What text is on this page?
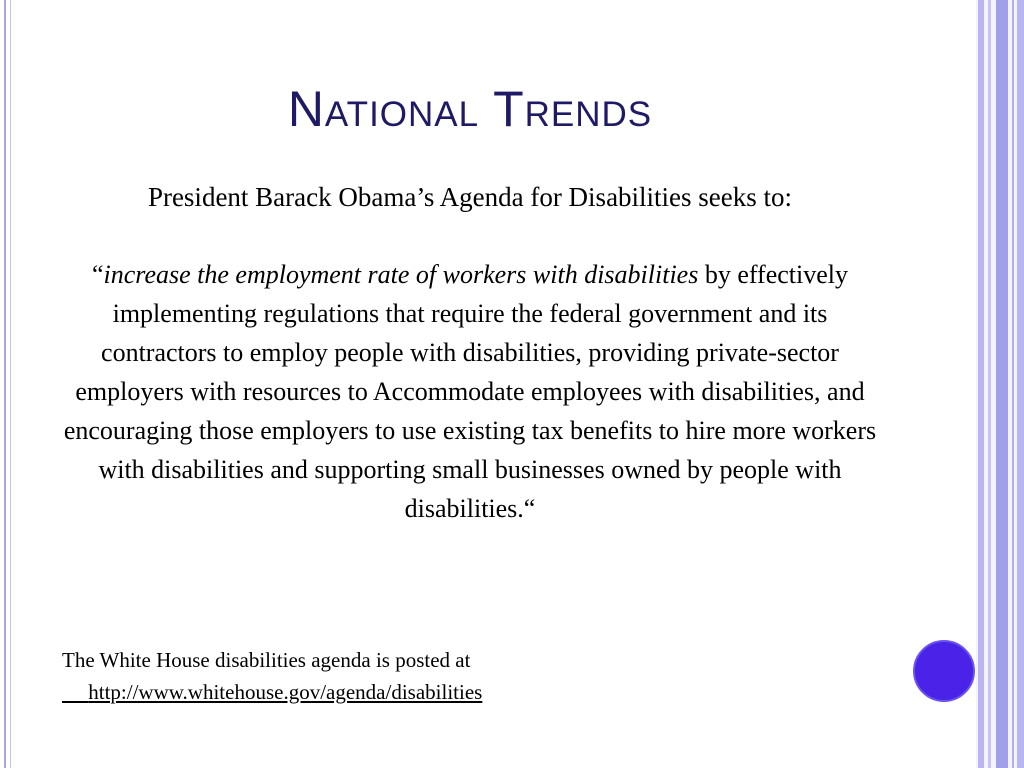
National Trends
President Barack Obama’s Agenda for Disabilities seeks to:
“increase the employment rate of workers with disabilities by effectively implementing regulations that require the federal government and its contractors to employ people with disabilities, providing private-sector employers with resources to Accommodate employees with disabilities, and encouraging those employers to use existing tax benefits to hire more workers with disabilities and supporting small businesses owned by people with disabilities.“
The White House disabilities agenda is posted at
http://www.whitehouse.gov/agenda/disabilities
